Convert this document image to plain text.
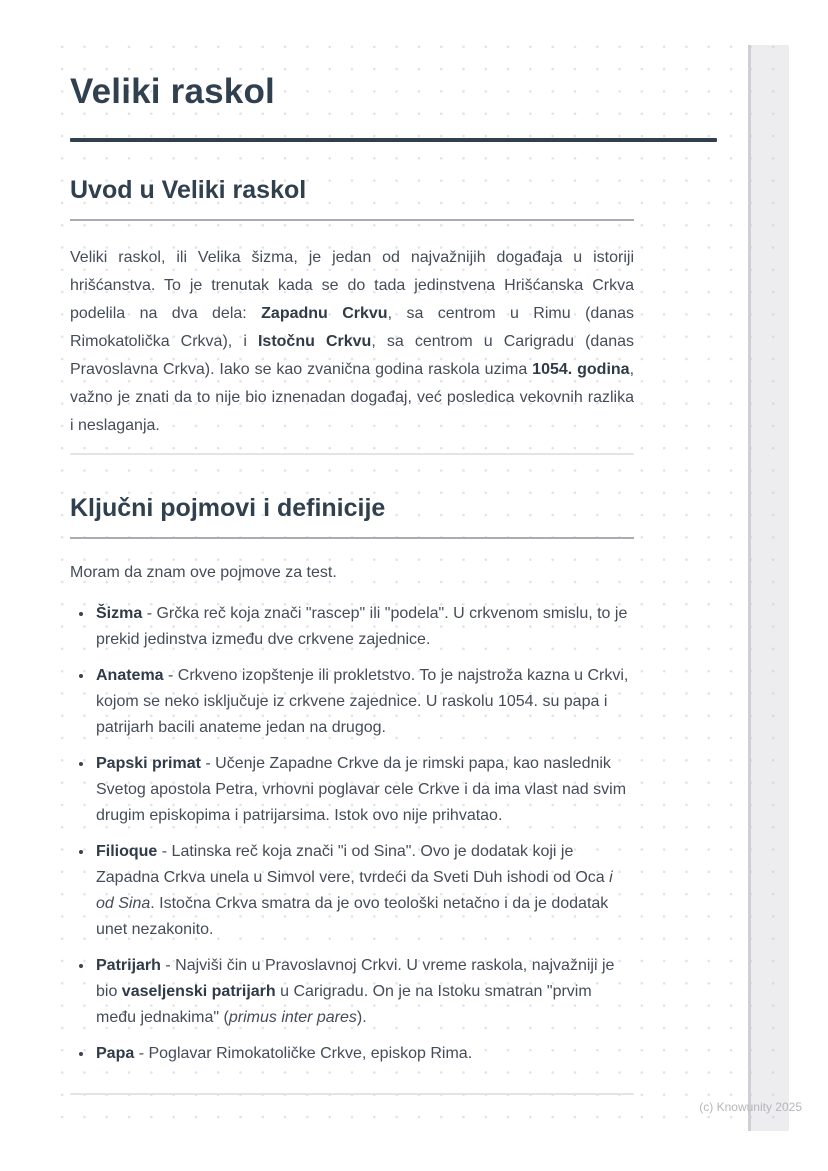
Veliki raskol
Uvod u Veliki raskol

Veliki raskol, ili Velika šizma, je jedan od najvažnijih događaja u istoriji hrišćanstva. To je trenutak kada se do tada jedinstvena Hrišćanska Crkva podelila na dva dela: Zapadnu Crkvu, sa centrom u Rimu (danas Rimokatolička Crkva), i Istočnu Crkvu, sa centrom u Carigradu (danas Pravoslavna Crkva). Iako se kao zvanična godina raskola uzima 1054. godina, važno je znati da to nije bio iznenadan događaj, već posledica vekovnih razlika i neslaganja.

Ključni pojmovi i definicije

Moram da znam ove pojmove za test.

• Šizma - Grčka reč koja znači "rascep" ili "podela". U crkvenom smislu, to je prekid jedinstva između dve crkvene zajednice.
• Anatema - Crkveno izopštenje ili prokletstvo. To je najstroža kazna u Crkvi, kojom se neko isključuje iz crkvene zajednice. U raskolu 1054. su papa i patrijarh bacili anateme jedan na drugog.
• Papski primat - Učenje Zapadne Crkve da je rimski papa, kao naslednik Svetog apostola Petra, vrhovni poglavar cele Crkve i da ima vlast nad svim drugim episkopima i patrijarsima. Istok ovo nije prihvatao.
• Filioque - Latinska reč koja znači "i od Sina". Ovo je dodatak koji je Zapadna Crkva unela u Simvol vere, tvrdeći da Sveti Duh ishodi od Oca i od Sina. Istočna Crkva smatra da je ovo teološki netačno i da je dodatak unet nezakonito.
• Patrijarh - Najviši čin u Pravoslavnoj Crkvi. U vreme raskola, najvažniji je bio vaseljenski patrijarh u Carigradu. On je na Istoku smatran "prvim među jednakima" (primus inter pares).
• Papa - Poglavar Rimokatoličke Crkve, episkop Rima.
(c) Knowunity 2025
